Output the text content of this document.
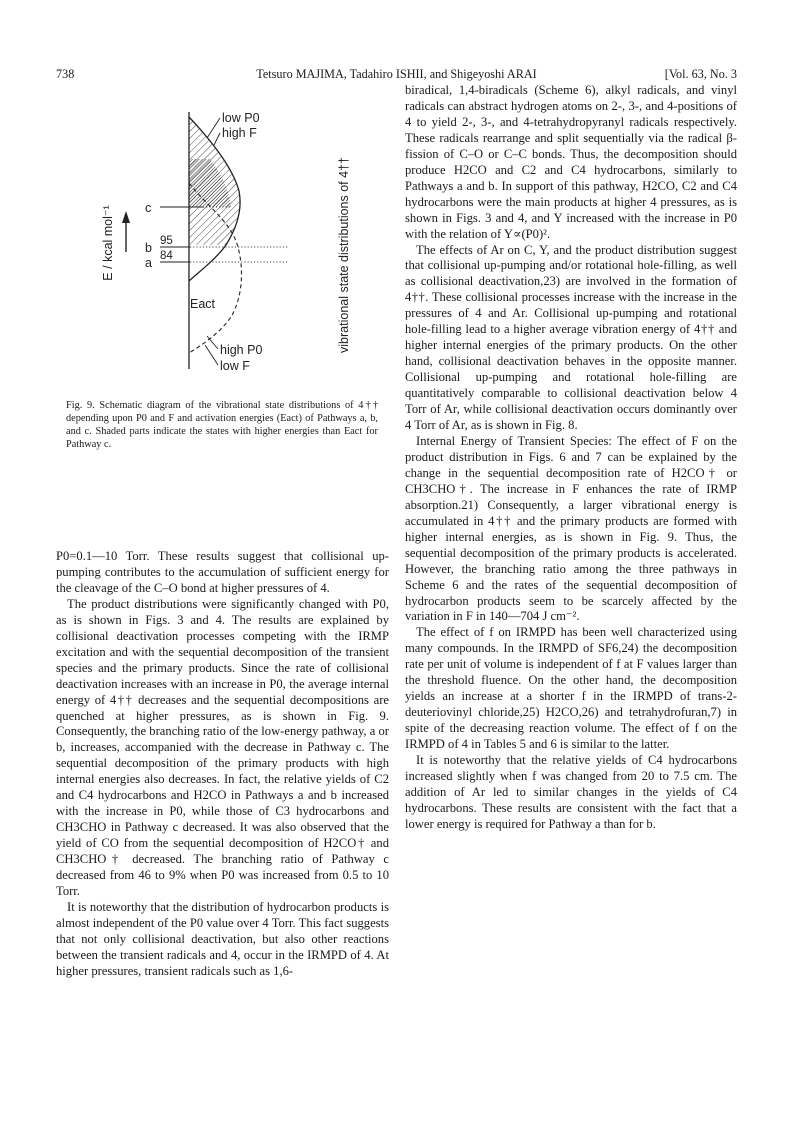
738	Tetsuro MAJIMA, Tadahiro ISHII, and Shigeyoshi ARAI	[Vol. 63, No. 3
E / kcal mol⁻¹ c
b 95
a 84
Eact
low P0
high F
high P0
low F
vibrational state distributions of 4††
Fig. 9. Schematic diagram of the vibrational state distributions of 4†† depending upon P0 and F and activation energies (Eact) of Pathways a, b, and c. Shaded parts indicate the states with higher energies than Eact for Pathway c.

P0=0.1—10 Torr. These results suggest that collisional up-pumping contributes to the accumulation of sufficient energy for the cleavage of the C–O bond at higher pressures of 4.

The product distributions were significantly changed with P0, as is shown in Figs. 3 and 4. The results are explained by collisional deactivation processes competing with the IRMP excitation and with the sequential decomposition of the transient species and the primary products. Since the rate of collisional deactivation increases with an increase in P0, the average internal energy of 4†† decreases and the sequential decompositions are quenched at higher pressures, as is shown in Fig. 9. Consequently, the branching ratio of the low-energy pathway, a or b, increases, accompanied with the decrease in Pathway c. The sequential decomposition of the primary products with high internal energies also decreases. In fact, the relative yields of C2 and C4 hydrocarbons and H2CO in Pathways a and b increased with the increase in P0, while those of C3 hydrocarbons and CH3CHO in Pathway c decreased. It was also observed that the yield of CO from the sequential decomposition of H2CO† and CH3CHO† decreased. The branching ratio of Pathway c decreased from 46 to 9% when P0 was increased from 0.5 to 10 Torr.

It is noteworthy that the distribution of hydrocarbon products is almost independent of the P0 value over 4 Torr. This fact suggests that not only collisional deactivation, but also other reactions between the transient radicals and 4, occur in the IRMPD of 4. At higher pressures, transient radicals such as 1,6-

biradical, 1,4-biradicals (Scheme 6), alkyl radicals, and vinyl radicals can abstract hydrogen atoms on 2-, 3-, and 4-positions of 4 to yield 2-, 3-, and 4-tetrahydropyranyl radicals respectively. These radicals rearrange and split sequentially via the radical β-fission of C–O or C–C bonds. Thus, the decomposition should produce H2CO and C2 and C4 hydrocarbons, similarly to Pathways a and b. In support of this pathway, H2CO, C2 and C4 hydrocarbons were the main products at higher 4 pressures, as is shown in Figs. 3 and 4, and Y increased with the increase in P0 with the relation of Y∝(P0)².

The effects of Ar on C, Y, and the product distribution suggest that collisional up-pumping and/or rotational hole-filling, as well as collisional deactivation,23) are involved in the formation of 4††. These collisional processes increase with the increase in the pressures of 4 and Ar. Collisional up-pumping and rotational hole-filling lead to a higher average vibration energy of 4†† and higher internal energies of the primary products. On the other hand, collisional deactivation behaves in the opposite manner. Collisional up-pumping and rotational hole-filling are quantitatively comparable to collisional deactivation below 4 Torr of Ar, while collisional deactivation occurs dominantly over 4 Torr of Ar, as is shown in Fig. 8.

Internal Energy of Transient Species: The effect of F on the product distribution in Figs. 6 and 7 can be explained by the change in the sequential decomposition rate of H2CO† or CH3CHO†. The increase in F enhances the rate of IRMP absorption.21) Consequently, a larger vibrational energy is accumulated in 4†† and the primary products are formed with higher internal energies, as is shown in Fig. 9. Thus, the sequential decomposition of the primary products is accelerated. However, the branching ratio among the three pathways in Scheme 6 and the rates of the sequential decomposition of hydrocarbon products seem to be scarcely affected by the variation in F in 140—704 J cm⁻².

The effect of f on IRMPD has been well characterized using many compounds. In the IRMPD of SF6,24) the decomposition rate per unit of volume is independent of f at F values larger than the threshold fluence. On the other hand, the decomposition yields an increase at a shorter f in the IRMPD of trans-2-deuteriovinyl chloride,25) H2CO,26) and tetrahydrofuran,7) in spite of the decreasing reaction volume. The effect of f on the IRMPD of 4 in Tables 5 and 6 is similar to the latter.

It is noteworthy that the relative yields of C4 hydrocarbons increased slightly when f was changed from 20 to 7.5 cm. The addition of Ar led to similar changes in the yields of C4 hydrocarbons. These results are consistent with the fact that a lower energy is required for Pathway a than for b.
